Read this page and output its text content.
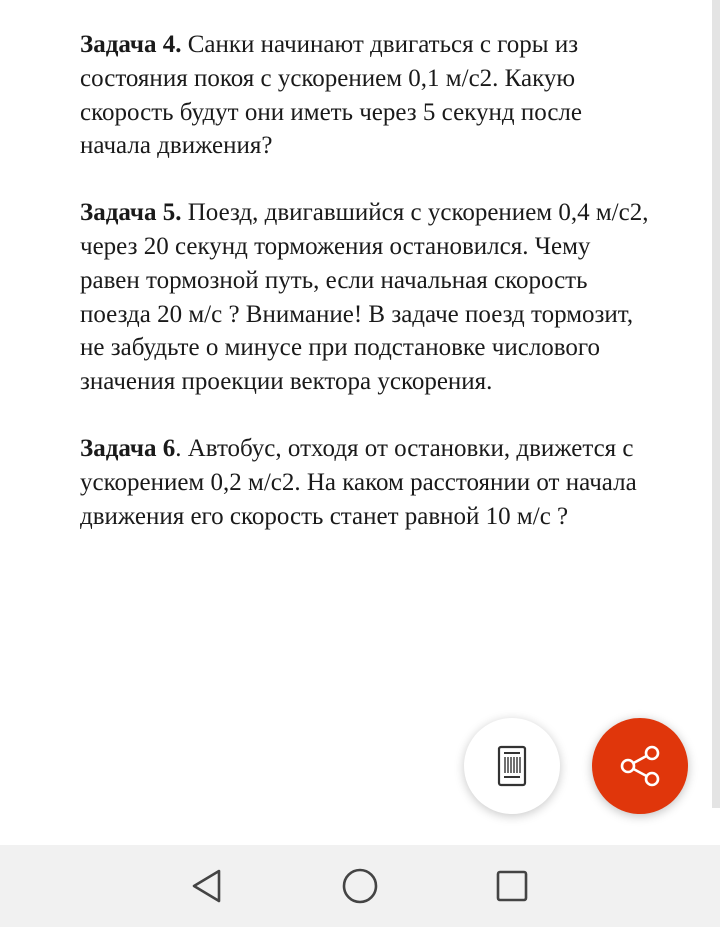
Задача 4. Санки начинают двигаться с горы из состояния покоя с ускорением 0,1 м/с2. Какую скорость будут они иметь через 5 секунд после начала движения?

Задача 5. Поезд, двигавшийся с ускорением 0,4 м/с2, через 20 секунд торможения остановился. Чему равен тормозной путь, если начальная скорость поезда 20 м/с ? Внимание! В задаче поезд тормозит, не забудьте о минусе при подстановке числового значения проекции вектора ускорения.

Задача 6. Автобус, отходя от остановки, движется с ускорением 0,2 м/с2. На каком расстоянии от начала движения его скорость станет равной 10 м/с ?
